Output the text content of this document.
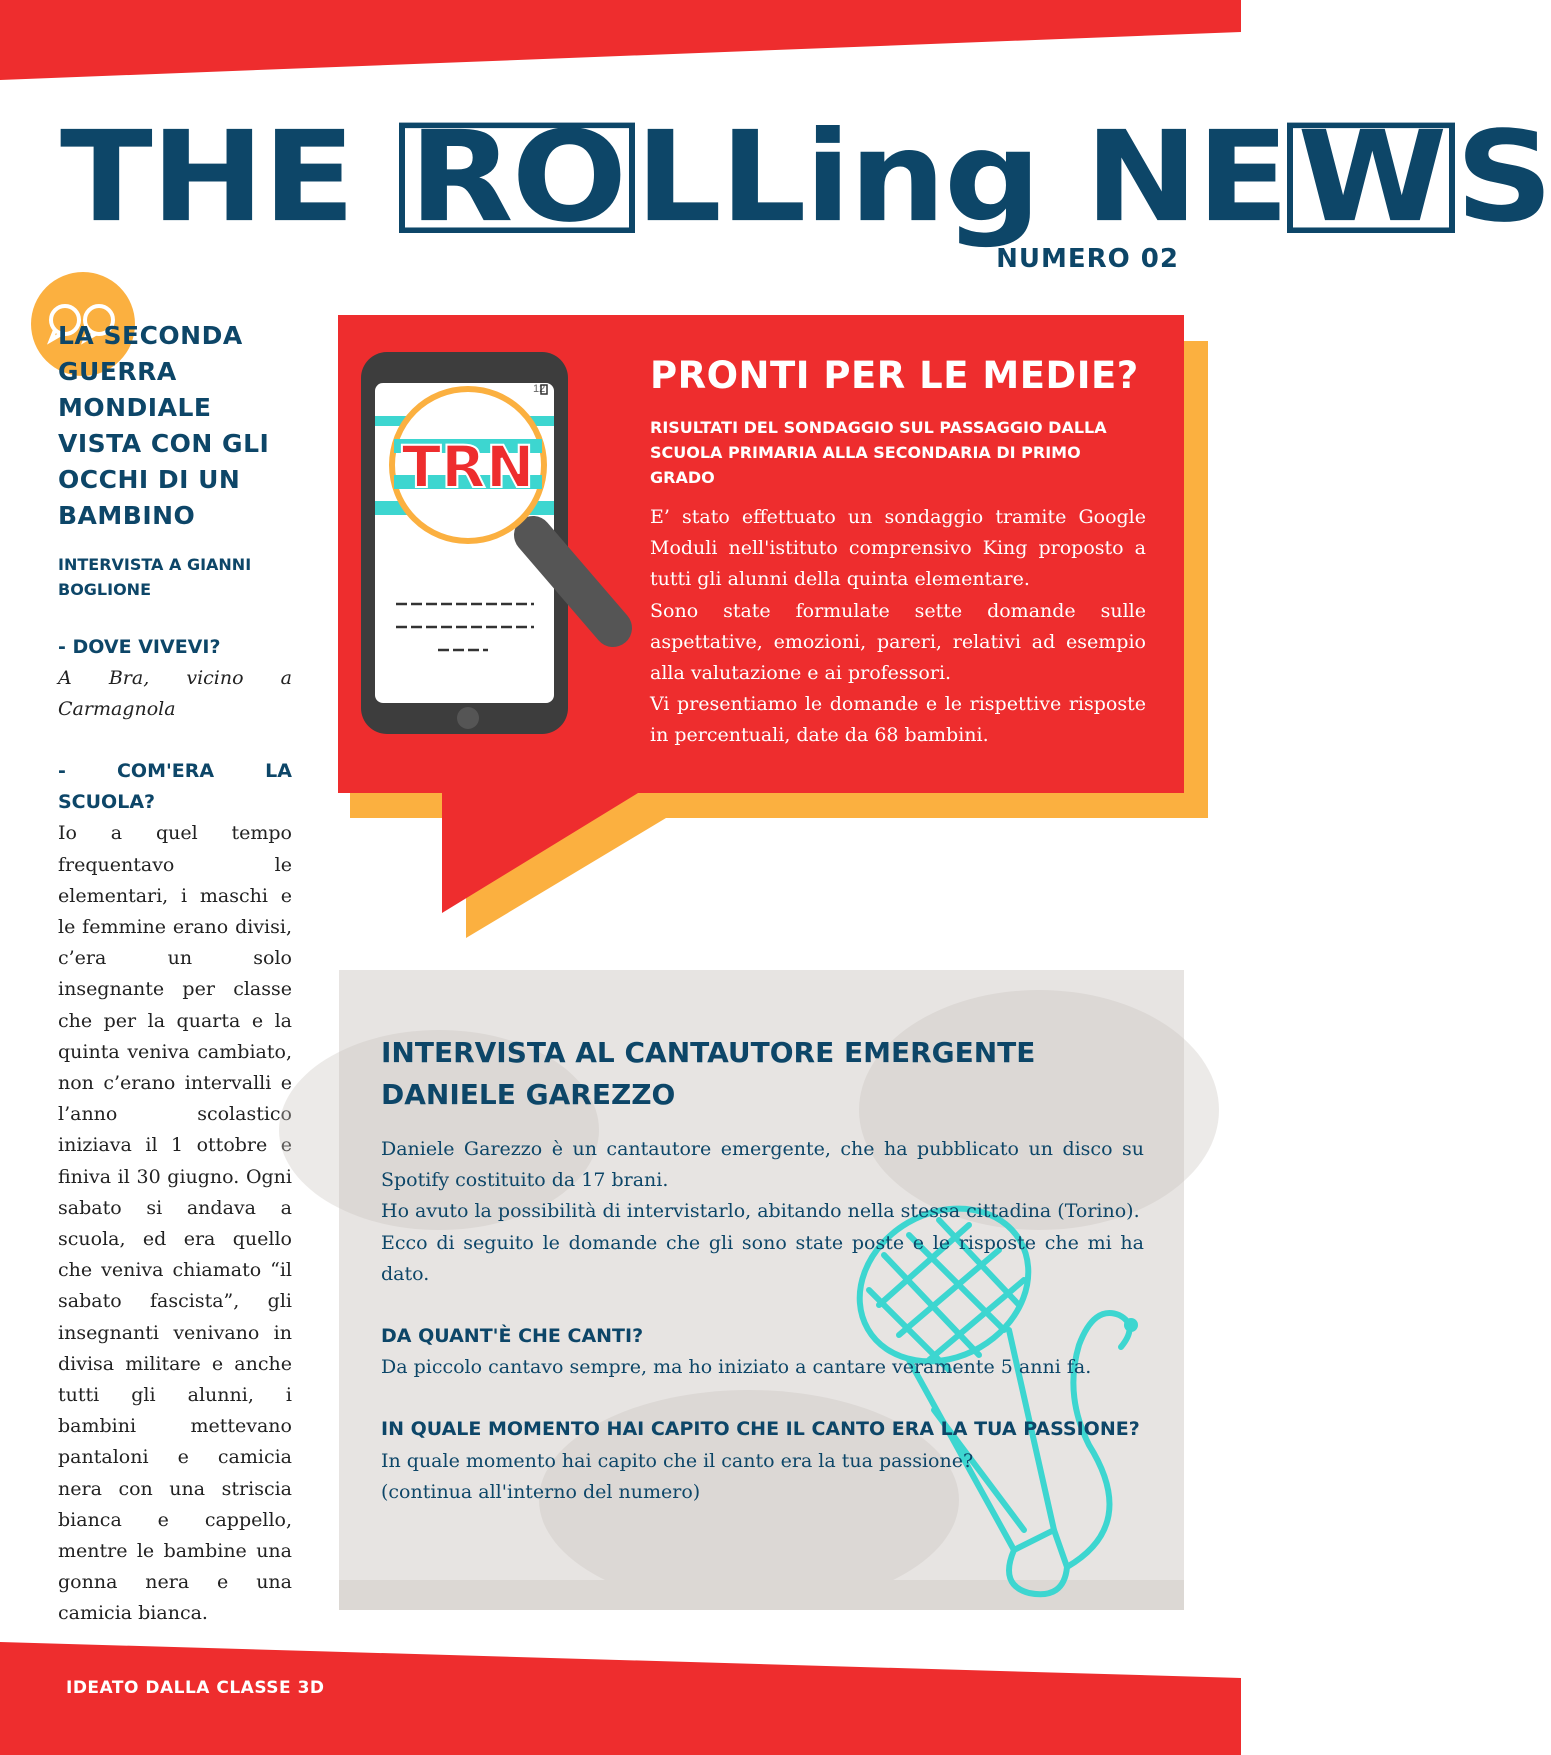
THE ROLLing NEWS
NUMERO 02
LA SECONDA GUERRA MONDIALE VISTA CON GLI OCCHI DI UN BAMBINO
INTERVISTA A GIANNI BOGLIONE
- DOVE VIVEVI?
A Bra, vicino a Carmagnola
- COM'ERA LA SCUOLA?
Io a quel tempo frequentavo le elementari, i maschi e le femmine erano divisi, c’era un solo insegnante per classe che per la quarta e la quinta veniva cambiato, non c’erano intervalli e l’anno scolastico iniziava il 1 ottobre e finiva il 30 giugno. Ogni sabato si andava a scuola, ed era quello che veniva chiamato “il sabato fascista”, gli insegnanti venivano in divisa militare e anche tutti gli alunni, i bambini mettevano pantaloni e camicia nera con una striscia bianca e cappello, mentre le bambine una gonna nera e una camicia bianca.
12
TRN
PRONTI PER LE MEDIE?
RISULTATI DEL SONDAGGIO SUL PASSAGGIO DALLA SCUOLA PRIMARIA ALLA SECONDARIA DI PRIMO GRADO

E’ stato effettuato un sondaggio tramite Google Moduli nell'istituto comprensivo King proposto a tutti gli alunni della quinta elementare.

Sono state formulate sette domande sulle aspettative, emozioni, pareri, relativi ad esempio alla valutazione e ai professori.

Vi presentiamo le domande e le rispettive risposte in percentuali, date da 68 bambini.

INTERVISTA AL CANTAUTORE EMERGENTE DANIELE GAREZZO

Daniele Garezzo è un cantautore emergente, che ha pubblicato un disco su Spotify costituito da 17 brani.

Ho avuto la possibilità di intervistarlo, abitando nella stessa cittadina (Torino).

Ecco di seguito le domande che gli sono state poste e le risposte che mi ha dato.

DA QUANT'È CHE CANTI?
Da piccolo cantavo sempre, ma ho iniziato a cantare veramente 5 anni fa.
IN QUALE MOMENTO HAI CAPITO CHE IL CANTO ERA LA TUA PASSIONE?
In quale momento hai capito che il canto era la tua passione?
(continua all'interno del numero)
IDEATO DALLA CLASSE 3D
